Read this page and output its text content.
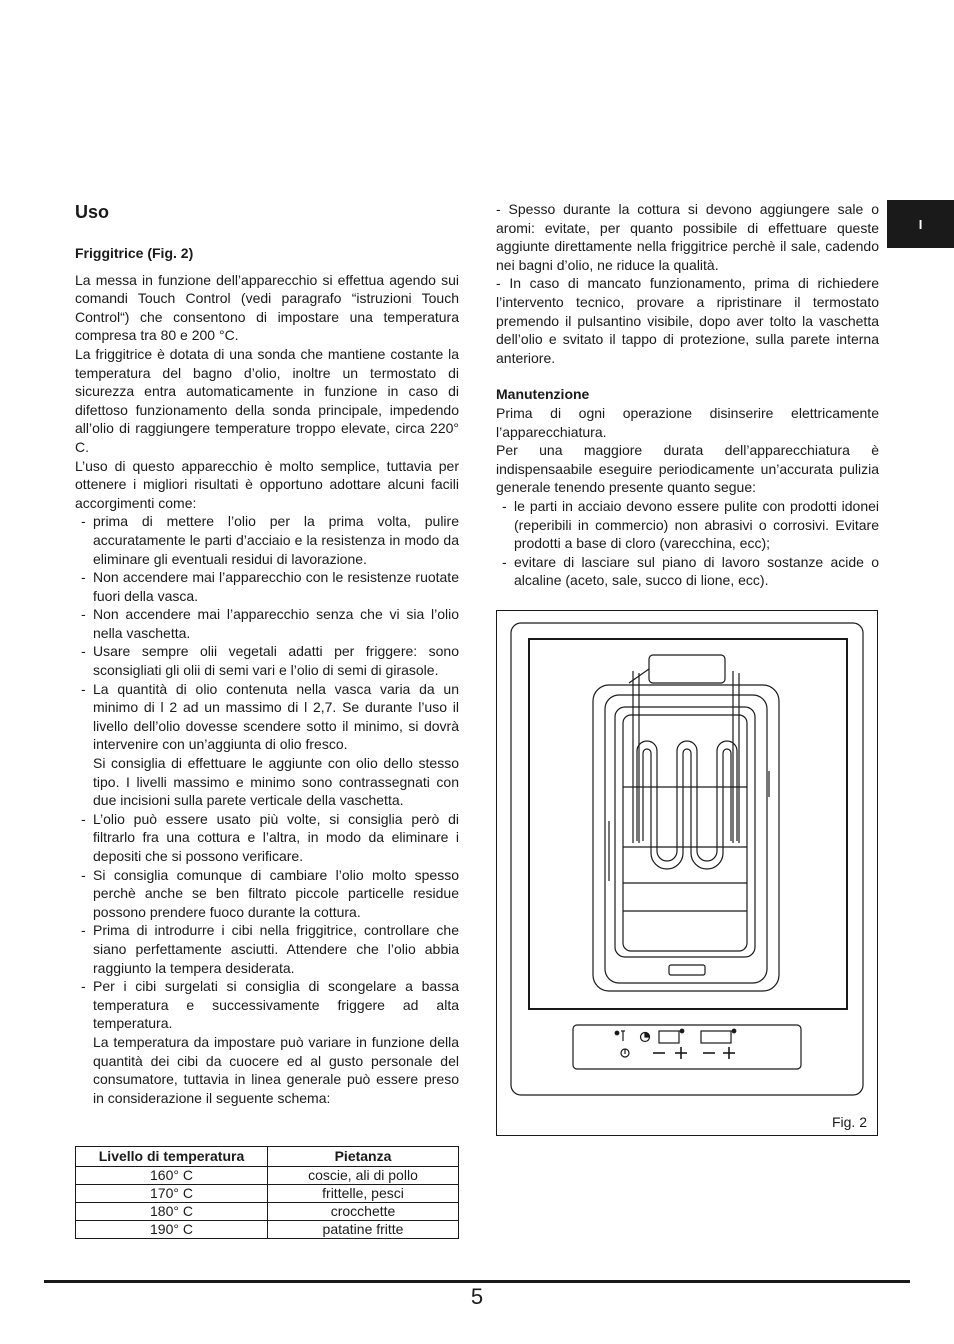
I
Uso
Friggitrice (Fig. 2)

La messa in funzione dell’apparecchio si effettua agendo sui comandi Touch Control (vedi paragrafo “istruzioni Touch Control“) che consentono di impostare una temperatura compresa tra 80 e 200 °C.

La friggitrice è dotata di una sonda che mantiene costante la temperatura del bagno d’olio, inoltre un termostato di sicurezza entra automaticamente in funzione in caso di difettoso funzionamento della sonda principale, impedendo all’olio di raggiungere temperature troppo elevate, circa 220° C.

L’uso di questo apparecchio è molto semplice, tuttavia per ottenere i migliori risultati è opportuno adottare alcuni facili accorgimenti come:

- prima di mettere l’olio per la prima volta, pulire accuratamente le parti d’acciaio e la resistenza in modo da eliminare gli eventuali residui di lavorazione.
- Non accendere mai l’apparecchio con le resistenze ruotate fuori della vasca.
- Non accendere mai l’apparecchio senza che vi sia l’olio nella vaschetta.
- Usare sempre olii vegetali adatti per friggere: sono sconsigliati gli olii di semi vari e l’olio di semi di girasole.
- La quantità di olio contenuta nella vasca varia da un minimo di l 2 ad un massimo di l 2,7. Se durante l’uso il livello dell’olio dovesse scendere sotto il minimo, si dovrà intervenire con un’aggiunta di olio fresco.
Si consiglia di effettuare le aggiunte con olio dello stesso tipo. I livelli massimo e minimo sono contrassegnati con due incisioni sulla parete verticale della vaschetta.
- L’olio può essere usato più volte, si consiglia però di filtrarlo fra una cottura e l’altra, in modo da eliminare i depositi che si possono verificare.
- Si consiglia comunque di cambiare l’olio molto spesso perchè anche se ben filtrato piccole particelle residue possono prendere fuoco durante la cottura.
- Prima di introdurre i cibi nella friggitrice, controllare che siano perfettamente asciutti. Attendere che l’olio abbia raggiunto la tempera desiderata.
- Per i cibi surgelati si consiglia di scongelare a bassa temperatura e successivamente friggere ad alta temperatura.
La temperatura da impostare può variare in funzione della quantità dei cibi da cuocere ed al gusto personale del consumatore, tuttavia in linea generale può essere preso in considerazione il seguente schema:
Livello di temperatura	Pietanza
160° C	coscie, ali di pollo
170° C	frittelle, pesci
180° C	crocchette
190° C	patatine fritte

- Spesso durante la cottura si devono aggiungere sale o aromi: evitate, per quanto possibile di effettuare queste aggiunte direttamente nella friggitrice perchè il sale, cadendo nei bagni d’olio, ne riduce la qualità.

- In caso di mancato funzionamento, prima di richiedere l’intervento tecnico, provare a ripristinare il termostato premendo il pulsantino visibile, dopo aver tolto la vaschetta dell’olio e svitato il tappo di protezione, sulla parete interna anteriore.

Manutenzione

Prima di ogni operazione disinserire elettricamente l’apparecchiatura.

Per una maggiore durata dell’apparecchiatura è indispensaabile eseguire periodicamente un’accurata pulizia generale tenendo presente quanto segue:

- le parti in acciaio devono essere pulite con prodotti idonei (reperibili in commercio) non abrasivi o corrosivi. Evitare prodotti a base di cloro (varecchina, ecc);
- evitare di lasciare sul piano di lavoro sostanze acide o alcaline (aceto, sale, succo di lione, ecc).
Fig. 2
5
